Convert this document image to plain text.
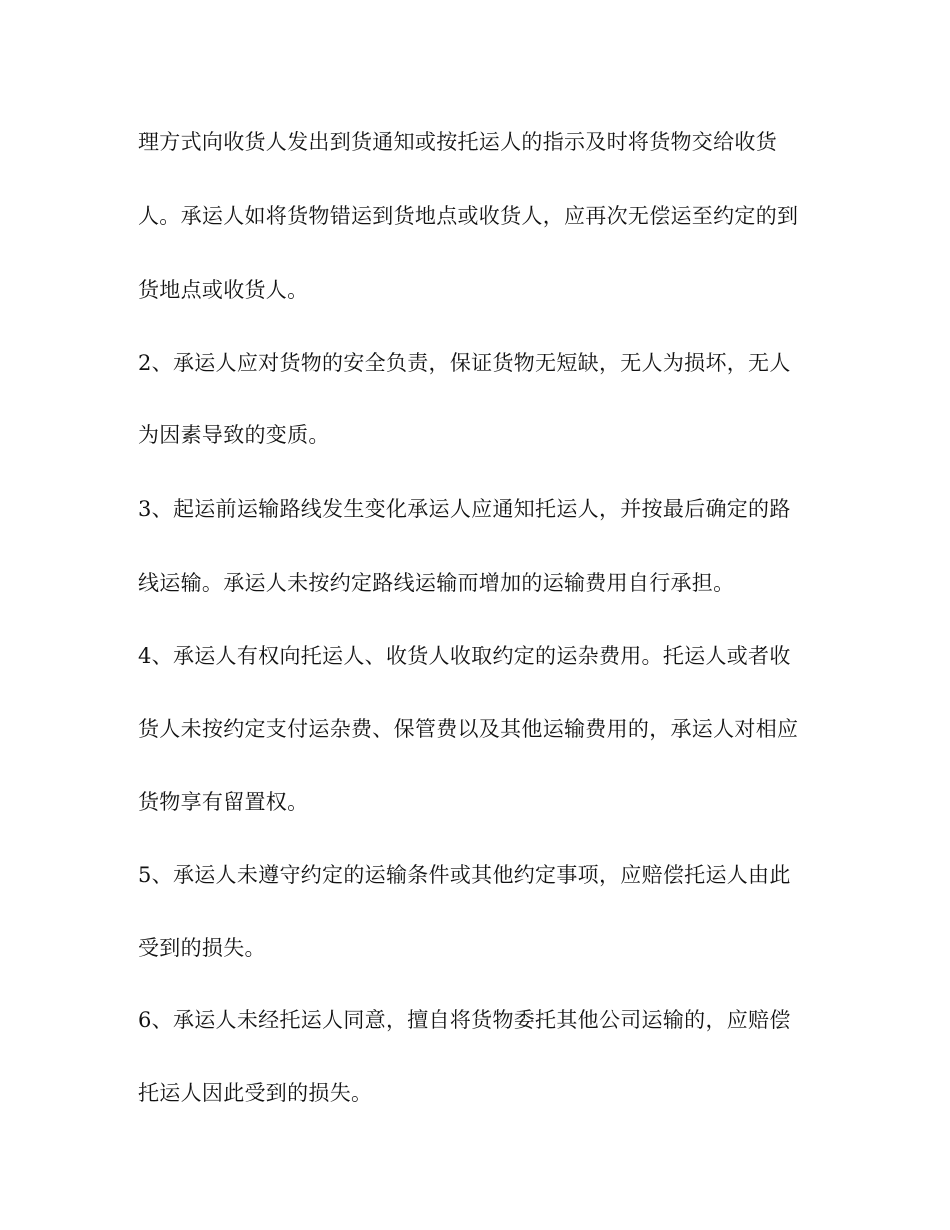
理方式向收货人发出到货通知或按托运人的指示及时将货物交给收货
人。承运人如将货物错运到货地点或收货人，应再次无偿运至约定的到
货地点或收货人。
2、承运人应对货物的安全负责，保证货物无短缺，无人为损坏，无人
为因素导致的变质。
3、起运前运输路线发生变化承运人应通知托运人，并按最后确定的路
线运输。承运人未按约定路线运输而增加的运输费用自行承担。
4、承运人有权向托运人、收货人收取约定的运杂费用。托运人或者收
货人未按约定支付运杂费、保管费以及其他运输费用的，承运人对相应
货物享有留置权。
5、承运人未遵守约定的运输条件或其他约定事项，应赔偿托运人由此
受到的损失。
6、承运人未经托运人同意，擅自将货物委托其他公司运输的，应赔偿
托运人因此受到的损失。
